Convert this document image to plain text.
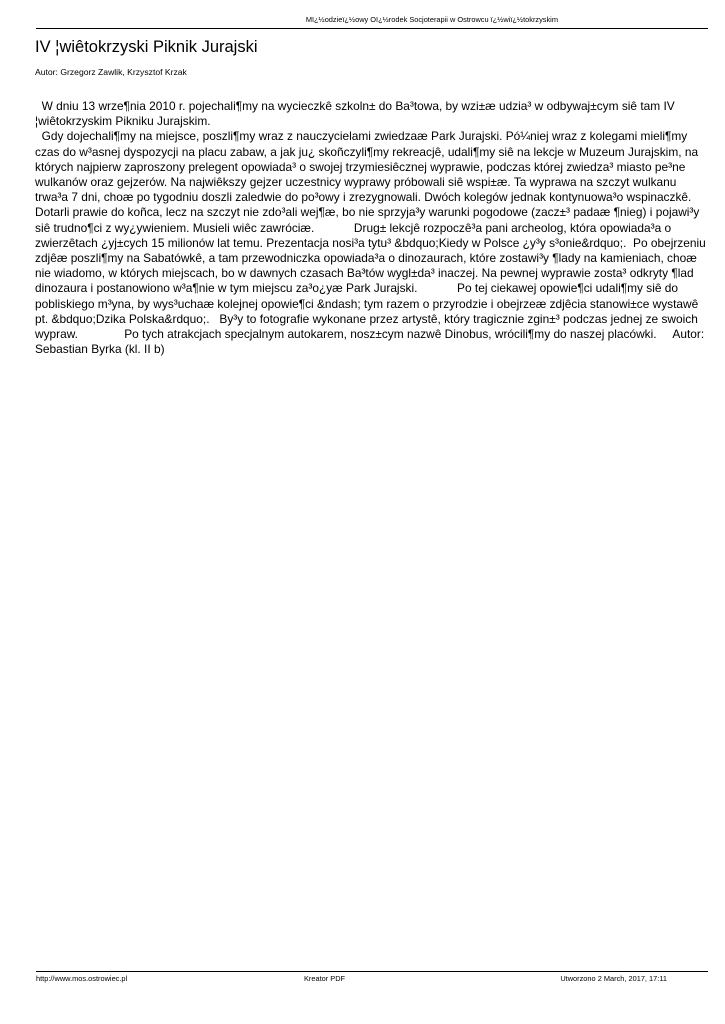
Mï¿½odzieï¿½owy Oï¿½rodek Socjoterapii w Ostrowcu ï¿½wiï¿½tokrzyskim
IV ¦wiêtokrzyski Piknik Jurajski
Autor: Grzegorz Zawlik, Krzysztof Krzak
W dniu 13 wrze¶nia 2010 r. pojechali¶my na wycieczkê szkoln± do Ba³towa, by wzi±æ udzia³ w odbywaj±cym siê tam IV ¦wiêtokrzyskim Pikniku Jurajskim.
Gdy dojechali¶my na miejsce, poszli¶my wraz z nauczycielami zwiedzaæ Park Jurajski. Pó¼niej wraz z kolegami mieli¶my czas do w³asnej dyspozycji na placu zabaw, a jak ju¿ skoñczyli¶my rekreacjê, udali¶my siê na lekcje w Muzeum Jurajskim, na których najpierw zaproszony prelegent opowiada³ o swojej trzymiesiêcznej wyprawie, podczas której zwiedza³ miasto pe³ne wulkanów oraz gejzerów. Na najwiêkszy gejzer uczestnicy wyprawy próbowali siê wspi±æ. Ta wyprawa na szczyt wulkanu trwa³a 7 dni, choæ po tygodniu doszli zaledwie do po³owy i zrezygnowali. Dwóch kolegów jednak kontynuowa³o wspinaczkê. Dotarli prawie do koñca, lecz na szczyt nie zdo³ali wej¶æ, bo nie sprzyja³y warunki pogodowe (zacz±³ padaæ ¶nieg) i pojawi³y siê trudno¶ci z wy¿ywieniem. Musieli wiêc zawróciæ.            Drug± lekcjê rozpoczê³a pani archeolog, która opowiada³a o zwierzêtach ¿yj±cych 15 milionów lat temu. Prezentacja nosi³a tytu³ &bdquo;Kiedy w Polsce ¿y³y s³onie&rdquo;.  Po obejrzeniu zdjêæ poszli¶my na Sabatówkê, a tam przewodniczka opowiada³a o dinozaurach, które zostawi³y ¶lady na kamieniach, choæ nie wiadomo, w których miejscach, bo w dawnych czasach Ba³tów wygl±da³ inaczej. Na pewnej wyprawie zosta³ odkryty ¶lad dinozaura i postanowiono w³a¶nie w tym miejscu za³o¿yæ Park Jurajski.            Po tej ciekawej opowie¶ci udali¶my siê do pobliskiego m³yna, by wys³uchaæ kolejnej opowie¶ci &ndash; tym razem o przyrodzie i obejrzeæ zdjêcia stanowi±ce wystawê pt. &bdquo;Dzika Polska&rdquo;.   By³y to fotografie wykonane przez artystê, który tragicznie zgin±³ podczas jednej ze swoich wypraw.              Po tych atrakcjach specjalnym autokarem, nosz±cym nazwê Dinobus, wrócili¶my do naszej placówki.     Autor: Sebastian Byrka (kl. II b)
http://www.mos.ostrowiec.pl	Kreator PDF	Utworzono 2 March, 2017, 17:11
